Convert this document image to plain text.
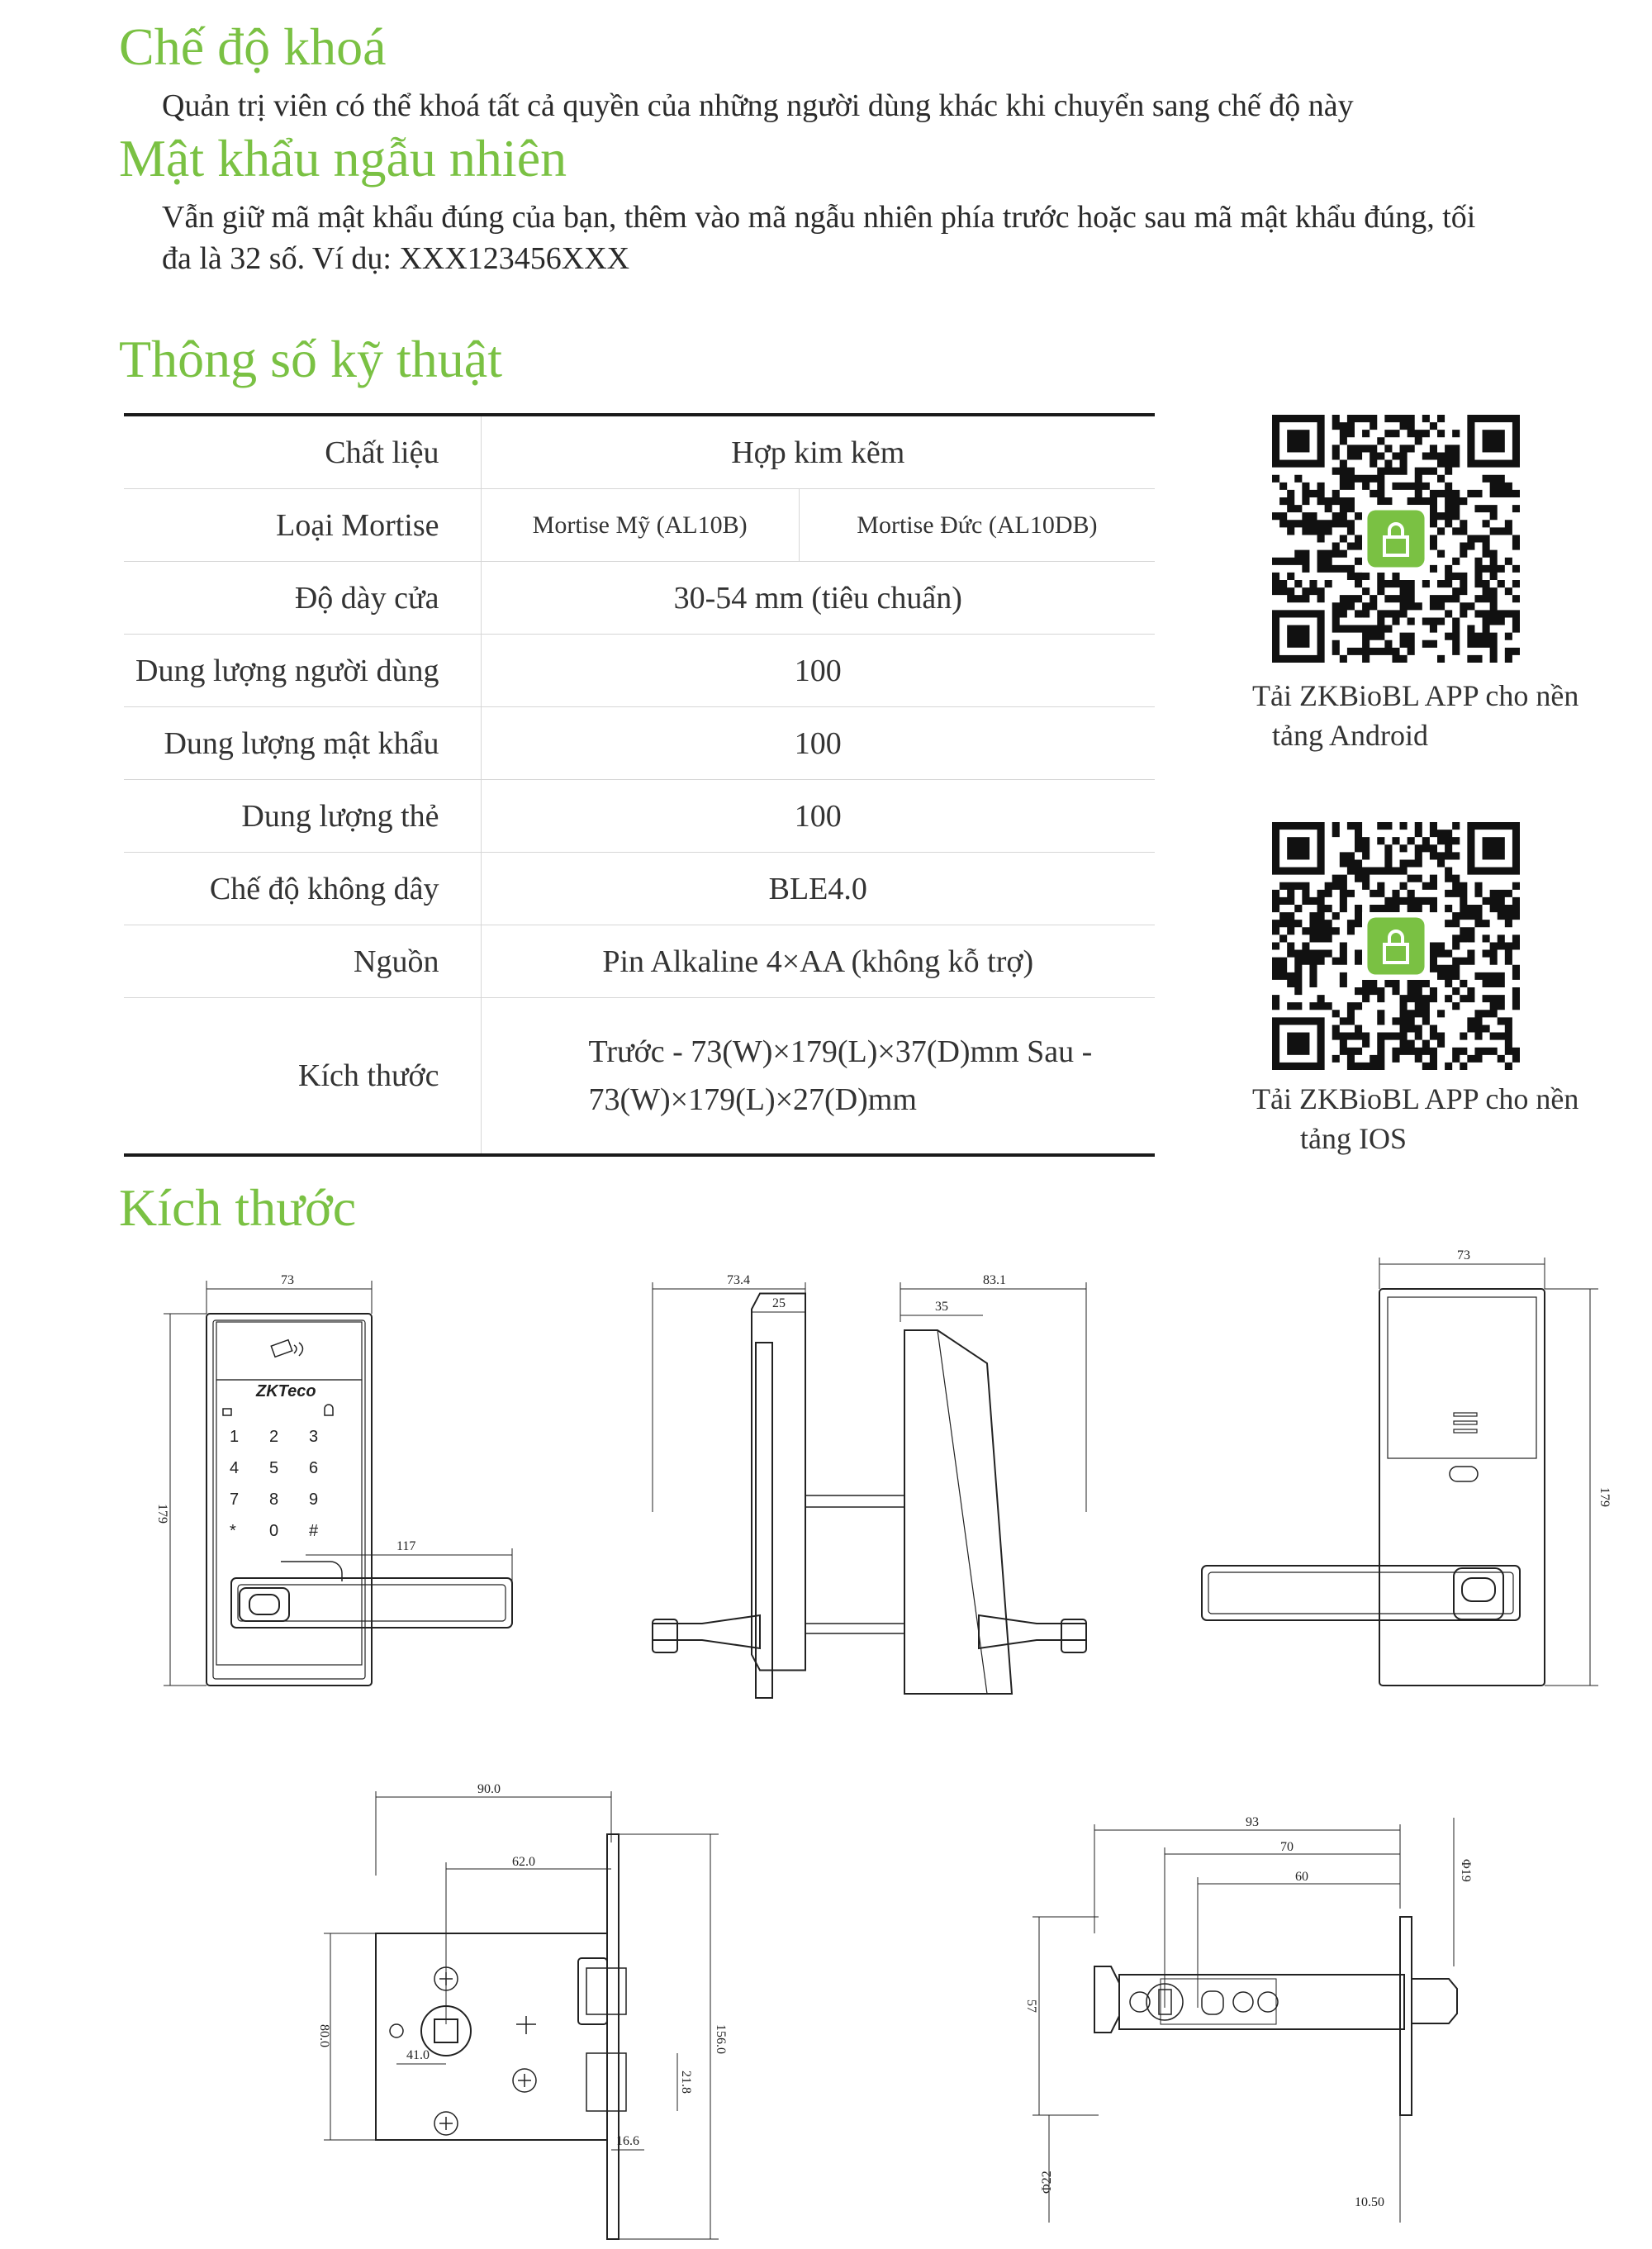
Chế độ khoá

Quản trị viên có thể khoá tất cả quyền của những người dùng khác khi chuyển sang chế độ này

Mật khẩu ngẫu nhiên

Vẫn giữ mã mật khẩu đúng của bạn, thêm vào mã ngẫu nhiên phía trước hoặc sau mã mật khẩu đúng, tối

đa là 32 số. Ví dụ: XXX123456XXX

Thông số kỹ thuật
Chất liệu	Hợp kim kẽm	
Loại Mortise	Mortise Mỹ (AL10B)	Mortise Đức (AL10DB)
Độ dày cửa	30-54 mm (tiêu chuẩn)	
Dung lượng người dùng	100	
Dung lượng mật khẩu	100	
Dung lượng thẻ	100	
Chế độ không dây	BLE4.0	
Nguồn	Pin Alkaline 4×AA (không kỗ trợ)	
Kích thước	Trước - 73(W)×179(L)×37(D)mm Sau -
73(W)×179(L)×27(D)mm	
Tải ZKBioBL APP cho nền
tảng Android
Tải ZKBioBL APP cho nền
tảng IOS
Kích thước
73
179
ZKTeco
1 2 3
4 5 6
7 8 9
* 0 #
117
73.4
25
83.1
35
73
179
90.0
62.0
80.0	156.0
41.0
21.8
16.6
93
70
60
57
Φ19
Φ22
10.50
